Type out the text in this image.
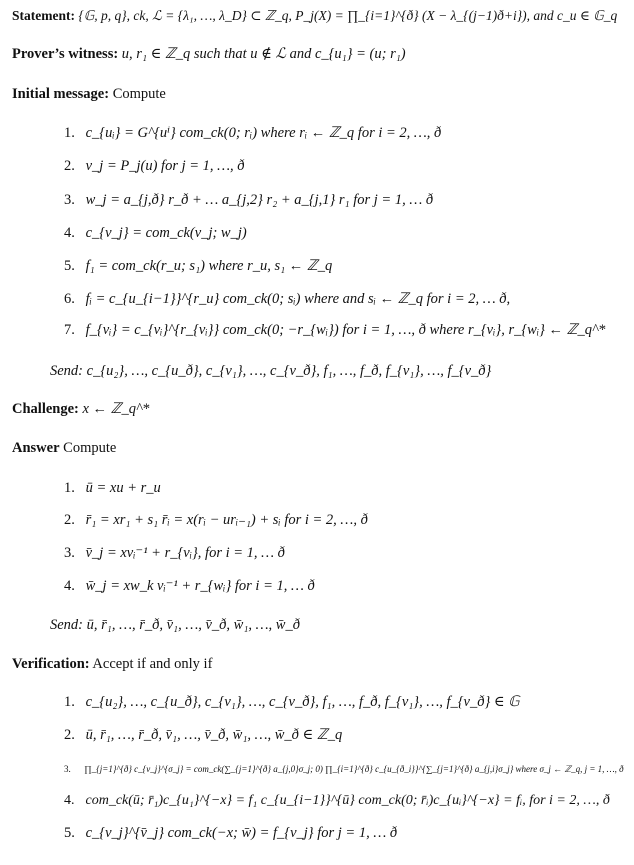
Statement: {𝔾, p, q}, ck, ℒ = {λ₁, …, λ_D} ⊂ ℤ_q, P_j(X) = ∏_{i=1}^{ð} (X − λ_{(j−1)ð+i}), and c_u ∈ 𝔾_q
Prover’s witness: u, r₁ ∈ ℤ_q such that u ∉ ℒ and c_{u₁} = (u; r₁)
Initial message: Compute
1. c_{uᵢ} = G^{uⁱ} com_ck(0; rᵢ) where rᵢ ← ℤ_q for i = 2, …, ð
2. v_j = P_j(u) for j = 1, …, ð
3. w_j = a_{j,ð} r_ð + … a_{j,2} r₂ + a_{j,1} r₁ for j = 1, … ð
4. c_{v_j} = com_ck(v_j; w_j)
5. f₁ = com_ck(r_u; s₁) where r_u, s₁ ← ℤ_q
6. fᵢ = c_{u_{i−1}}^{r_u} com_ck(0; sᵢ) where and sᵢ ← ℤ_q for i = 2, … ð,
7. f_{vᵢ} = c_{vᵢ}^{r_{vᵢ}} com_ck(0; −r_{wᵢ}) for i = 1, …, ð where r_{vᵢ}, r_{wᵢ} ← ℤ_q^*
Send: c_{u₂}, …, c_{u_ð}, c_{v₁}, …, c_{v_ð}, f₁, …, f_ð, f_{v₁}, …, f_{v_ð}
Challenge: x ← ℤ_q^*
Answer Compute
1. ū = xu + r_u
2. r̄₁ = xr₁ + s₁ r̄ᵢ = x(rᵢ − urᵢ₋₁) + sᵢ for i = 2, …, ð
3. v̄_j = xvᵢ⁻¹ + r_{vᵢ}, for i = 1, … ð
4. w̄_j = xw_k vᵢ⁻¹ + r_{wᵢ} for i = 1, … ð
Send: ū, r̄₁, …, r̄_ð, v̄₁, …, v̄_ð, w̄₁, …, w̄_ð
Verification: Accept if and only if
1. c_{u₂}, …, c_{u_ð}, c_{v₁}, …, c_{v_ð}, f₁, …, f_ð, f_{v₁}, …, f_{v_ð} ∈ 𝔾
2. ū, r̄₁, …, r̄_ð, v̄₁, …, v̄_ð, w̄₁, …, w̄_ð ∈ ℤ_q
3. ∏_{j=1}^{ð} c_{v_j}^{σ_j} = com_ck(∑_{j=1}^{ð} a_{j,0}σ_j; 0) ∏_{i=1}^{ð} c_{u_{ð_i}}^{∑_{j=1}^{ð} a_{j,i}σ_j} where σ_j ← ℤ_q, j = 1, …, ð
4. com_ck(ū; r̄₁)c_{u₁}^{−x} = f₁ c_{u_{i−1}}^{ū} com_ck(0; r̄ᵢ)c_{uᵢ}^{−x} = fᵢ, for i = 2, …, ð
5. c_{v_j}^{v̄_j} com_ck(−x; w̄) = f_{v_j} for j = 1, … ð
